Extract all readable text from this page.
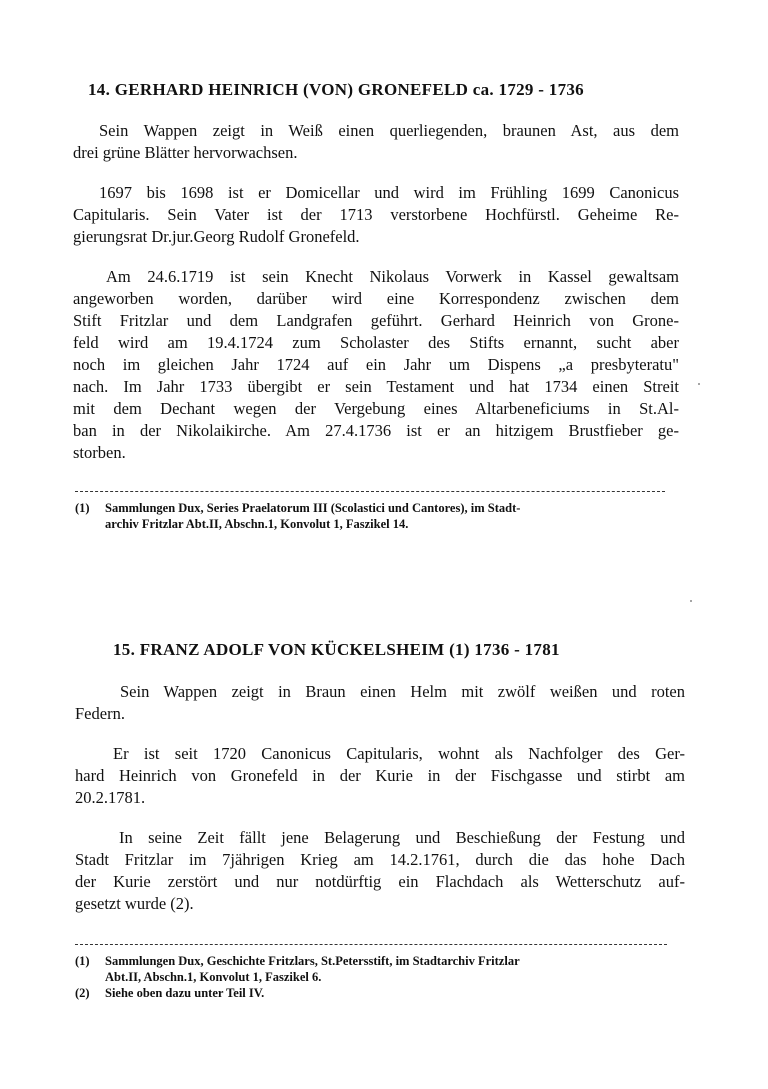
14. GERHARD HEINRICH (VON) GRONEFELD ca. 1729 - 1736
Sein Wappen zeigt in Weiß einen querliegenden, braunen Ast, aus dem
drei grüne Blätter hervorwachsen.
1697 bis 1698 ist er Domicellar und wird im Frühling 1699 Canonicus
Capitularis. Sein Vater ist der 1713 verstorbene Hochfürstl. Geheime Re-
gierungsrat Dr.jur.Georg Rudolf Gronefeld.
Am 24.6.1719 ist sein Knecht Nikolaus Vorwerk in Kassel gewaltsam
angeworben worden, darüber wird eine Korrespondenz zwischen dem
Stift Fritzlar und dem Landgrafen geführt. Gerhard Heinrich von Grone-
feld wird am 19.4.1724 zum Scholaster des Stifts ernannt, sucht aber
noch im gleichen Jahr 1724 auf ein Jahr um Dispens „a presbyteratu"
nach. Im Jahr 1733 übergibt er sein Testament und hat 1734 einen Streit
mit dem Dechant wegen der Vergebung eines Altarbeneficiums in St.Al-
ban in der Nikolaikirche. Am 27.4.1736 ist er an hitzigem Brustfieber ge-
storben.
(1)	Sammlungen Dux, Series Praelatorum III (Scolastici und Cantores), im Stadt-
archiv Fritzlar Abt.II, Abschn.1, Konvolut 1, Faszikel 14.
15. FRANZ ADOLF VON KÜCKELSHEIM (1) 1736 - 1781
Sein Wappen zeigt in Braun einen Helm mit zwölf weißen und roten
Federn.
Er ist seit 1720 Canonicus Capitularis, wohnt als Nachfolger des Ger-
hard Heinrich von Gronefeld in der Kurie in der Fischgasse und stirbt am
20.2.1781.
In seine Zeit fällt jene Belagerung und Beschießung der Festung und
Stadt Fritzlar im 7jährigen Krieg am 14.2.1761, durch die das hohe Dach
der Kurie zerstört und nur notdürftig ein Flachdach als Wetterschutz auf-
gesetzt wurde (2).
(1)	Sammlungen Dux, Geschichte Fritzlars, St.Petersstift, im Stadtarchiv Fritzlar
Abt.II, Abschn.1, Konvolut 1, Faszikel 6.
(2)	Siehe oben dazu unter Teil IV.
